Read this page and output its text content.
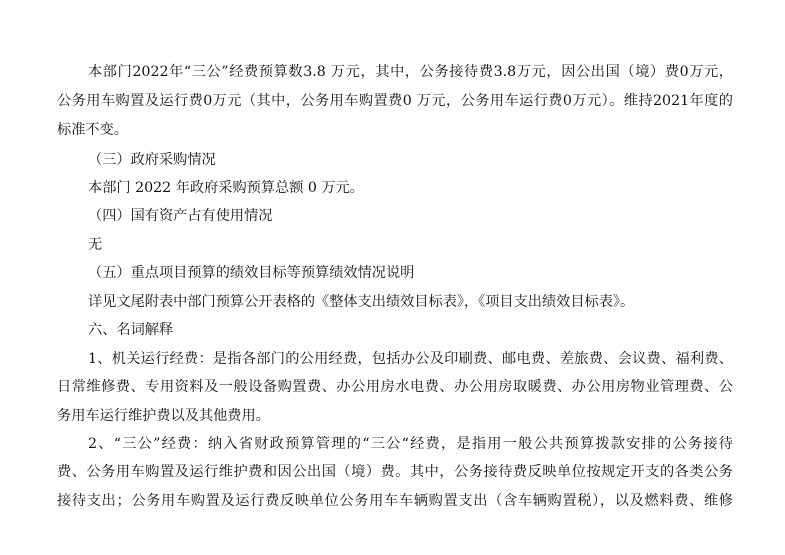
本部门2022年“三公”经费预算数3.8 万元，其中，公务接待费3.8万元，因公出国（境）费0万元，
公务用车购置及运行费0万元（其中，公务用车购置费0 万元，公务用车运行费0万元）。维持2021年度的
标准不变。
（三）政府采购情况
本部门 2022 年政府采购预算总额 0 万元。
（四）国有资产占有使用情况
无
（五）重点项目预算的绩效目标等预算绩效情况说明
详见文尾附表中部门预算公开表格的《整体支出绩效目标表》，《项目支出绩效目标表》。
六、名词解释
1、机关运行经费：是指各部门的公用经费，包括办公及印刷费、邮电费、差旅费、会议费、福利费、
日常维修费、专用资料及一般设备购置费、办公用房水电费、办公用房取暖费、办公用房物业管理费、公
务用车运行维护费以及其他费用。
2、“三公”经费：纳入省财政预算管理的“三公“经费，是指用一般公共预算拨款安排的公务接待
费、公务用车购置及运行维护费和因公出国（境）费。其中，公务接待费反映单位按规定开支的各类公务
接待支出；公务用车购置及运行费反映单位公务用车车辆购置支出（含车辆购置税），以及燃料费、维修
